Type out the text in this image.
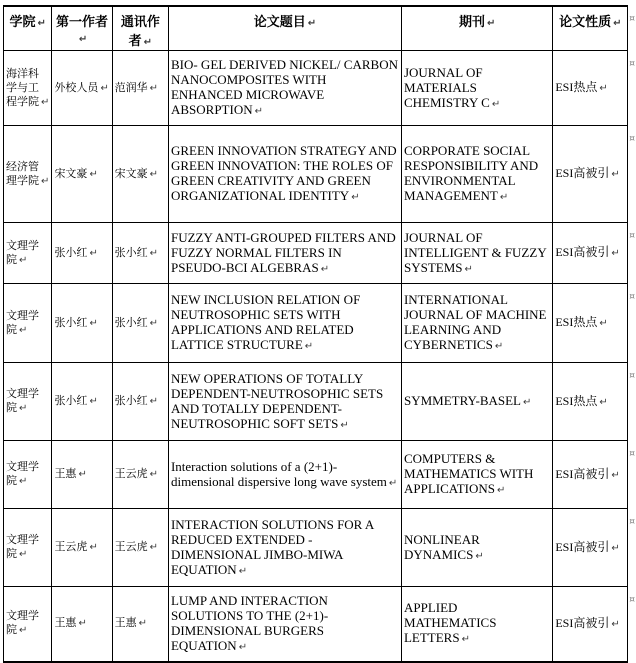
学院 ↵	第一作者↵	通讯作者 ↵	论文题目 ↵	期刊 ↵	论文性质 ↵	¤
海洋科学与工程学院 ↵	外校人员 ↵	范润华 ↵	BIO- GEL DERIVED NICKEL/ CARBON NANOCOMPOSITES WITH ENHANCED MICROWAVE ABSORPTION ↵	JOURNAL OF MATERIALS CHEMISTRY C ↵	ESI热点 ↵	¤
经济管理学院 ↵	宋文豪 ↵	宋文豪 ↵	GREEN INNOVATION STRATEGY AND GREEN INNOVATION: THE ROLES OF GREEN CREATIVITY AND GREEN ORGANIZATIONAL IDENTITY ↵	CORPORATE SOCIAL RESPONSIBILITY AND ENVIRONMENTAL MANAGEMENT ↵	ESI高被引 ↵	¤
文理学院 ↵	张小红 ↵	张小红 ↵	FUZZY ANTI-GROUPED FILTERS AND FUZZY NORMAL FILTERS IN PSEUDO-BCI ALGEBRAS ↵	JOURNAL OF INTELLIGENT & FUZZY SYSTEMS ↵	ESI高被引 ↵	¤
文理学院 ↵	张小红 ↵	张小红 ↵	NEW INCLUSION RELATION OF NEUTROSOPHIC SETS WITH APPLICATIONS AND RELATED LATTICE STRUCTURE ↵	INTERNATIONAL JOURNAL OF MACHINE LEARNING AND CYBERNETICS ↵	ESI热点 ↵	¤
文理学院 ↵	张小红 ↵	张小红 ↵	NEW OPERATIONS OF TOTALLY DEPENDENT-NEUTROSOPHIC SETS AND TOTALLY DEPENDENT- NEUTROSOPHIC SOFT SETS ↵	SYMMETRY-BASEL ↵	ESI热点 ↵	¤
文理学院 ↵	王惠 ↵	王云虎 ↵	Interaction solutions of a (2+1)- dimensional dispersive long wave system ↵	COMPUTERS & MATHEMATICS WITH APPLICATIONS ↵	ESI高被引 ↵	¤
文理学院 ↵	王云虎 ↵	王云虎 ↵	INTERACTION SOLUTIONS FOR A REDUCED EXTENDED - DIMENSIONAL JIMBO-MIWA EQUATION ↵	NONLINEAR DYNAMICS ↵	ESI高被引 ↵	¤
文理学院 ↵	王惠 ↵	王惠 ↵	LUMP AND INTERACTION SOLUTIONS TO THE (2+1)- DIMENSIONAL BURGERS EQUATION ↵	APPLIED MATHEMATICS LETTERS ↵	ESI高被引 ↵	¤
